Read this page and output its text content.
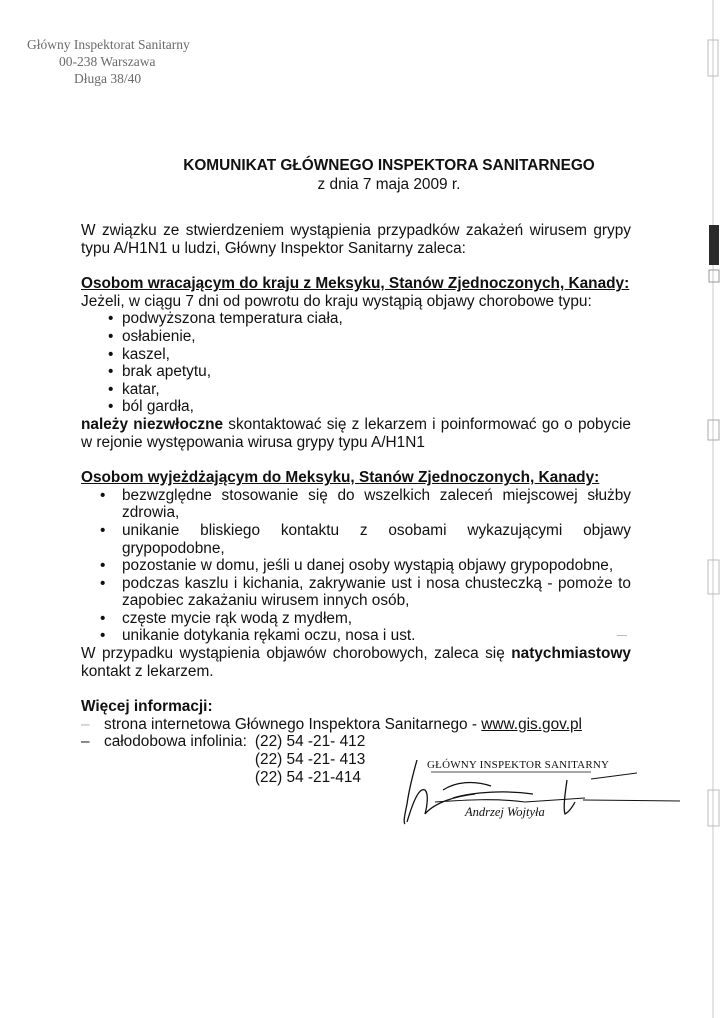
Główny Inspektorat Sanitarny
00-238 Warszawa
Długa 38/40
KOMUNIKAT GŁÓWNEGO INSPEKTORA SANITARNEGO
z dnia 7 maja 2009 r.

W związku ze stwierdzeniem wystąpienia przypadków zakażeń wirusem grypy typu A/H1N1 u ludzi, Główny Inspektor Sanitarny zaleca:

Osobom wracającym do kraju z Meksyku, Stanów Zjednoczonych, Kanady:

Jeżeli, w ciągu 7 dni od powrotu do kraju wystąpią objawy chorobowe typu:

• podwyższona temperatura ciała,
• osłabienie,
• kaszel,
• brak apetytu,
• katar,
• ból gardła,

należy niezwłoczne skontaktować się z lekarzem i poinformować go o pobycie w rejonie występowania wirusa grypy typu A/H1N1

Osobom wyjeżdżającym do Meksyku, Stanów Zjednoczonych, Kanady:

• bezwzględne stosowanie się do wszelkich zaleceń miejscowej służby zdrowia,
• unikanie bliskiego kontaktu z osobami wykazującymi objawy grypopodobne,
• pozostanie w domu, jeśli u danej osoby wystąpią objawy grypopodobne,
• podczas kaszlu i kichania, zakrywanie ust i nosa chusteczką - pomoże to zapobiec zakażaniu wirusem innych osób,
• częste mycie rąk wodą z mydłem,
• unikanie dotykania rękami oczu, nosa i ust.

W przypadku wystąpienia objawów chorobowych, zaleca się natychmiastowy kontakt z lekarzem.

Więcej informacji:

– strona internetowa Głównego Inspektora Sanitarnego - www.gis.gov.pl
– całodobowa infolinia: (22) 54 -21- 412
(22) 54 -21- 413
(22) 54 -21-414
GŁÓWNY INSPEKTOR SANITARNY
Andrzej Wojtyła
